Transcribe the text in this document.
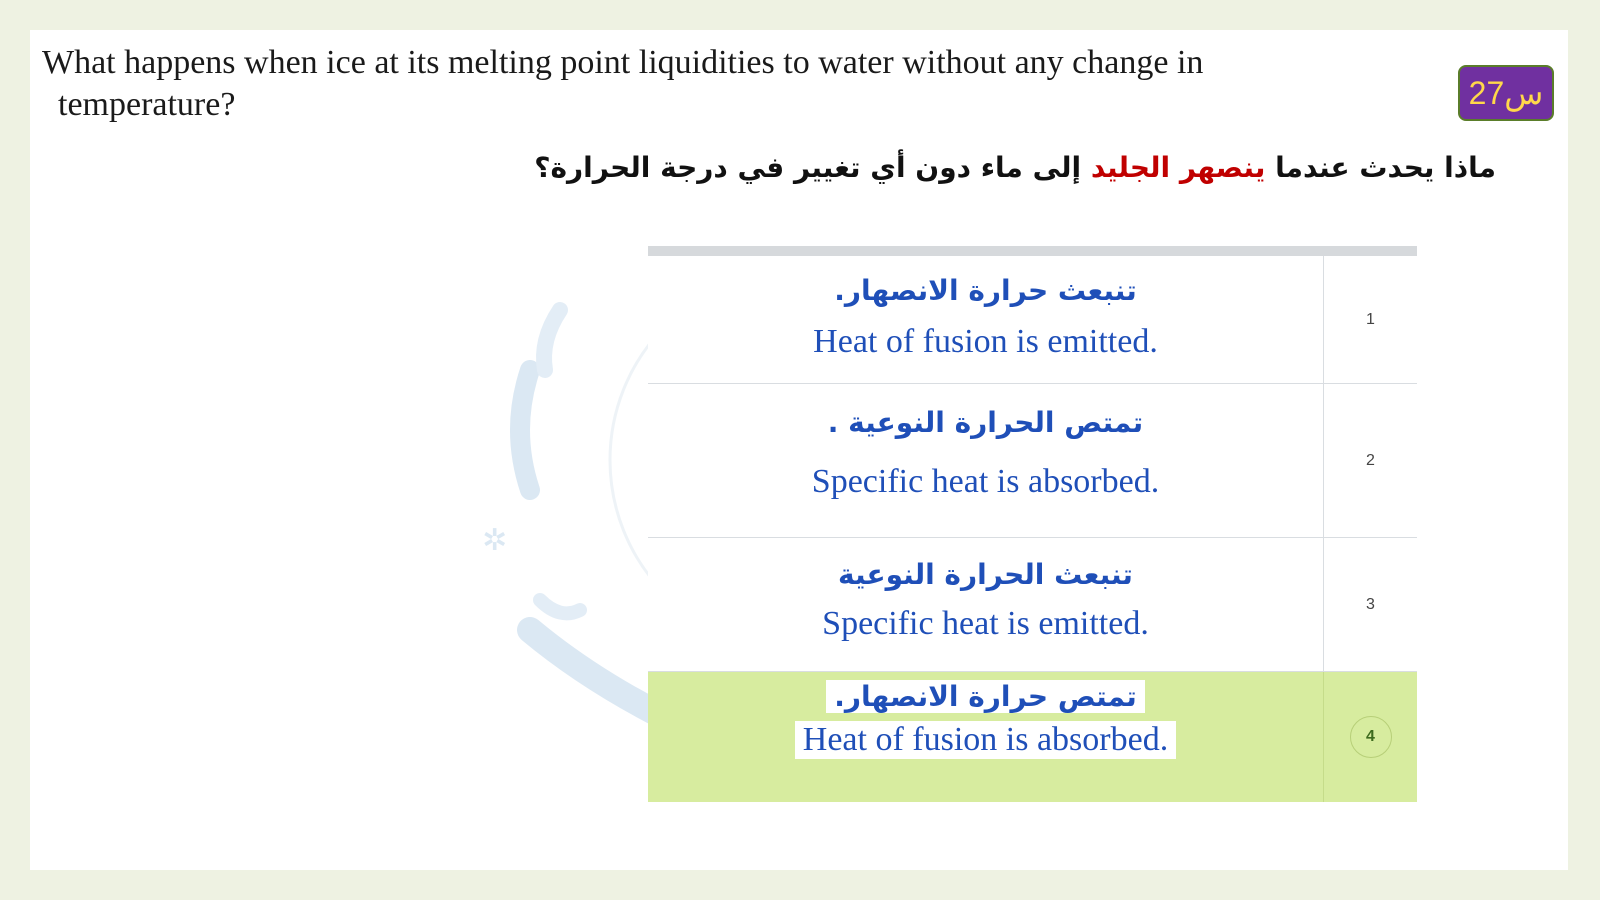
What happens when ice at its melting point liquidities to water without any change in
temperature?	س27
ماذا يحدث عندما ينصهر الجليد إلى ماء دون أي تغيير في درجة الحرارة؟
✲
تنبعث حرارة الانصهار.
Heat of fusion is emitted.
1
تمتص الحرارة النوعية .
Specific heat is absorbed.
2
تنبعث الحرارة النوعية
Specific heat is emitted.
3
تمتص حرارة الانصهار.
Heat of fusion is absorbed.	4
